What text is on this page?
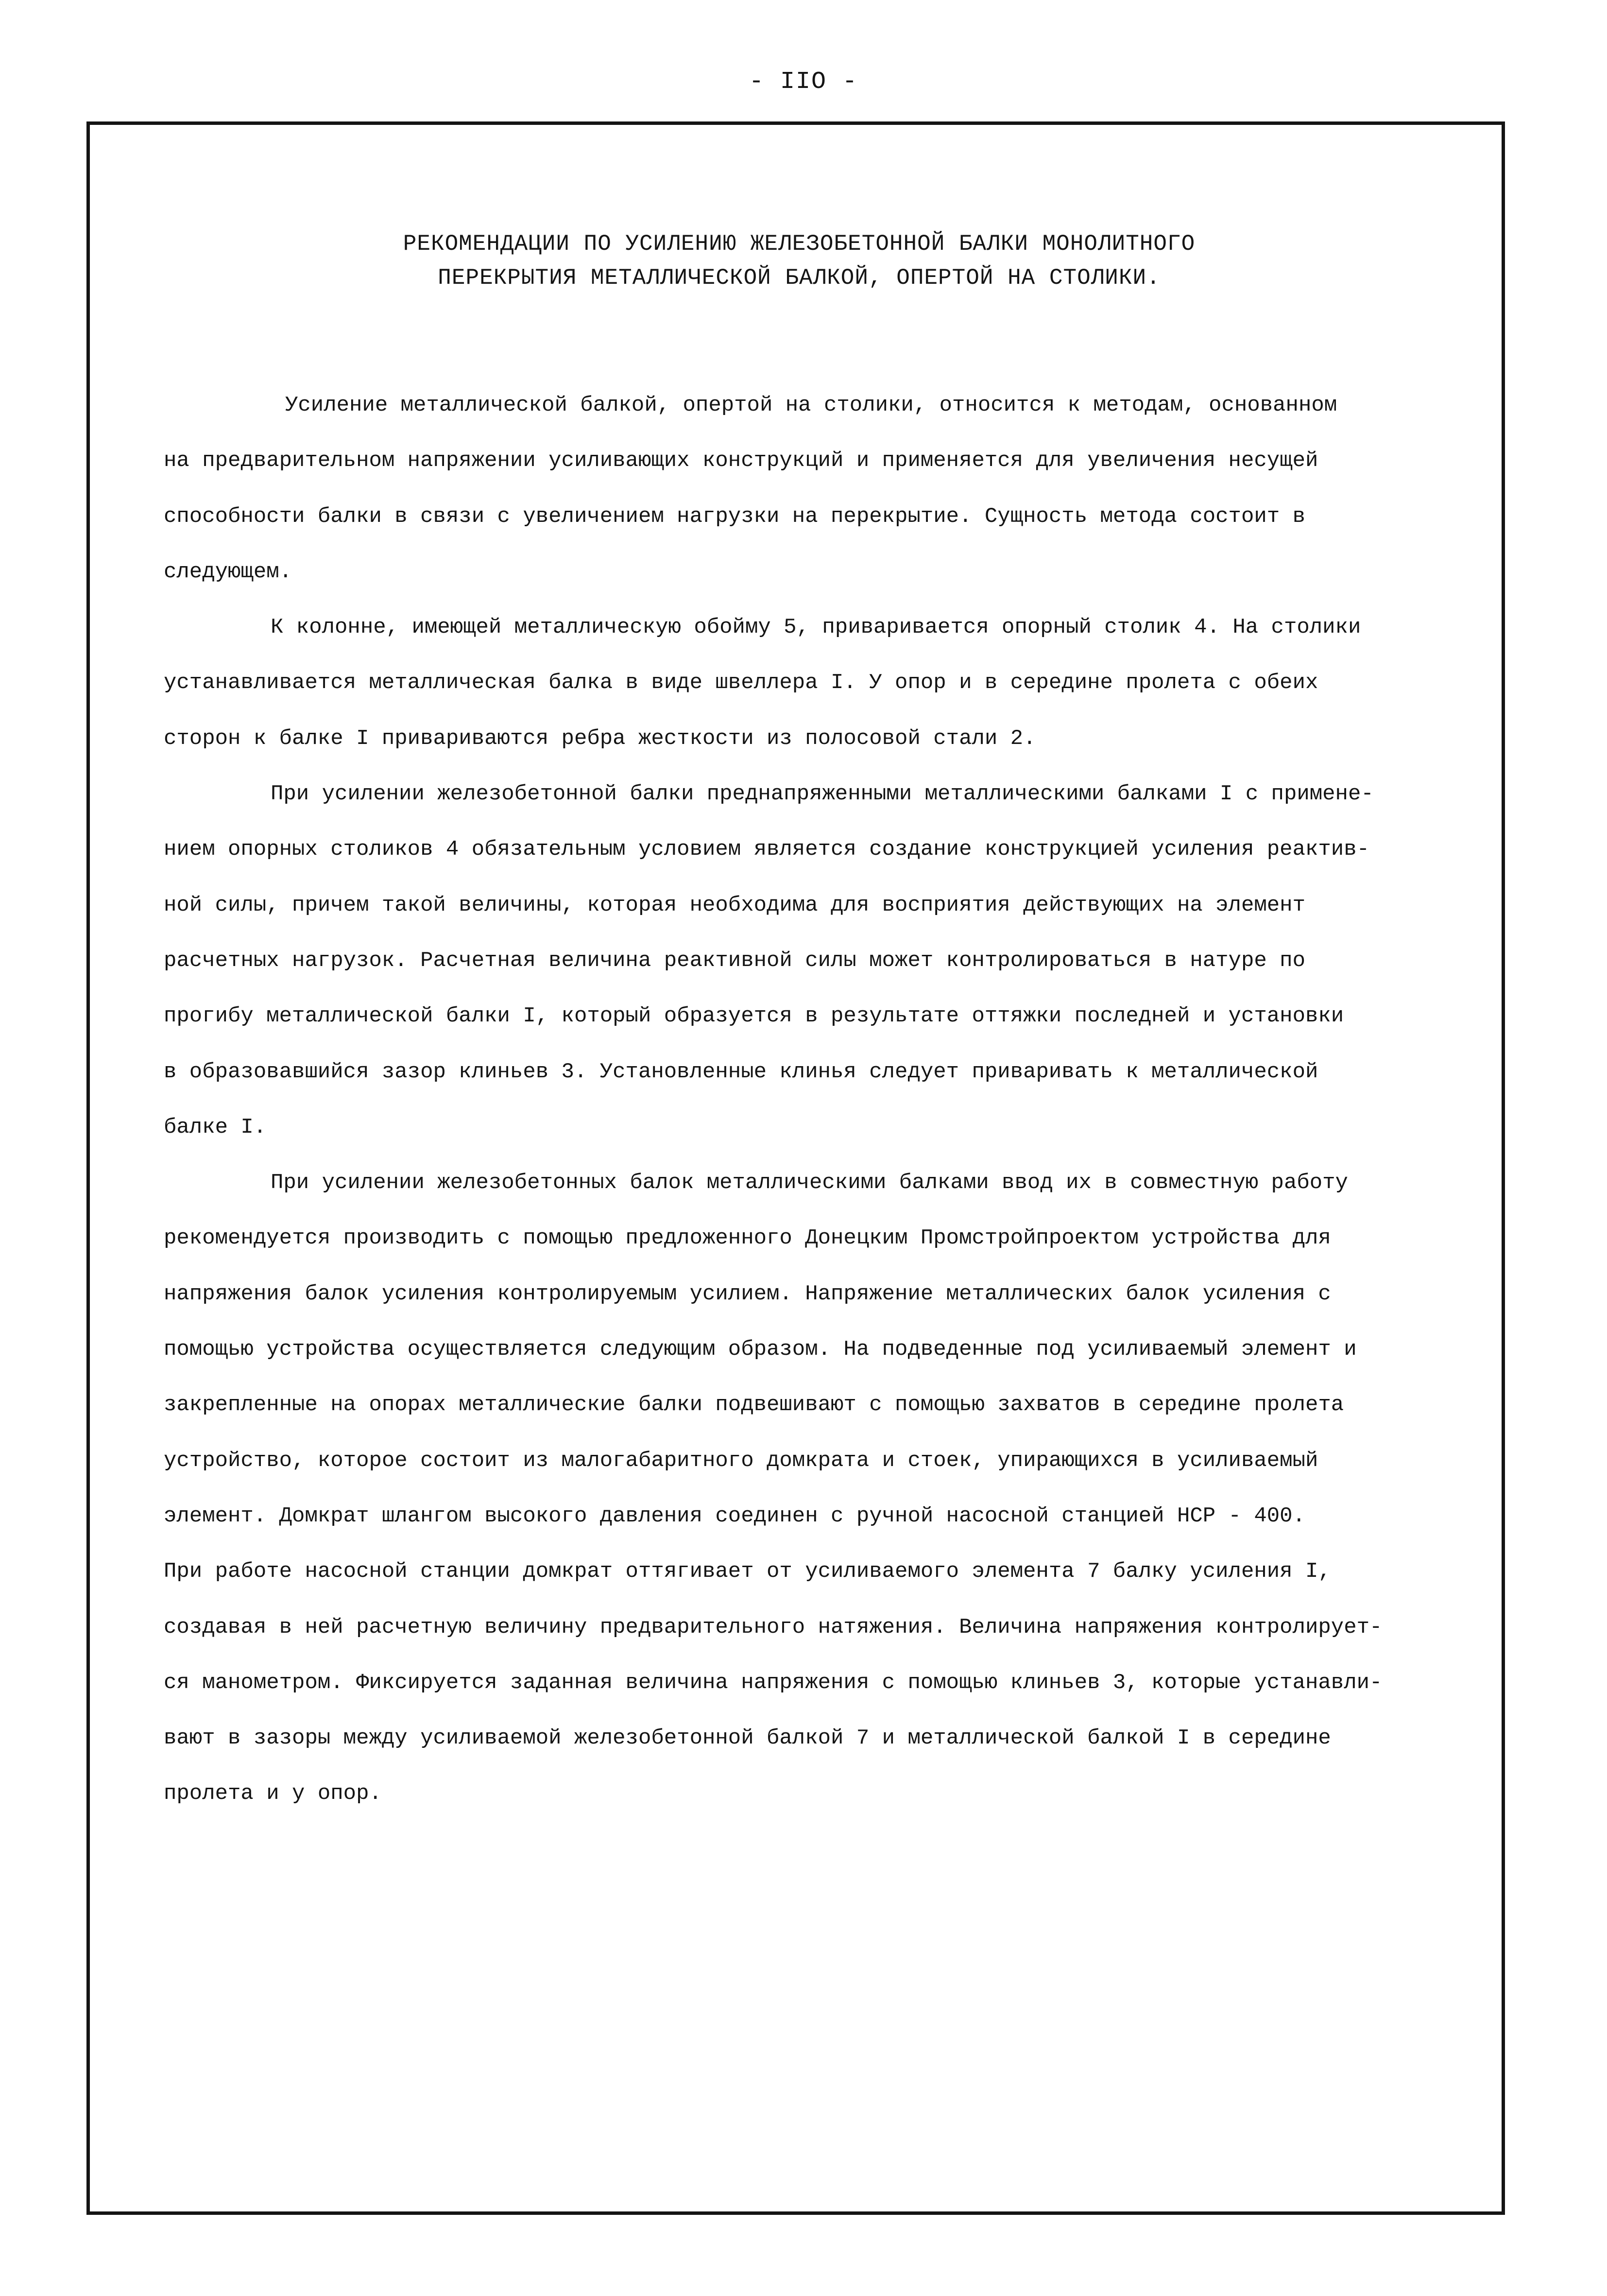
- IIO -
РЕКОМЕНДАЦИИ ПО УСИЛЕНИЮ ЖЕЛЕЗОБЕТОННОЙ БАЛКИ МОНОЛИТНОГО
ПЕРЕКРЫТИЯ МЕТАЛЛИЧЕСКОЙ БАЛКОЙ, ОПЕРТОЙ НА СТОЛИКИ.
Усиление металлической балкой, опертой на столики, относится к методам, основанном
на предварительном напряжении усиливающих конструкций и применяется для увеличения несущей
способности балки в связи с увеличением нагрузки на перекрытие. Сущность метода состоит в
следующем.
К колонне, имеющей металлическую обойму 5, приваривается опорный столик 4. На столики
устанавливается металлическая балка в виде швеллера I. У опор и в середине пролета с обеих
сторон к балке I привариваются ребра жесткости из полосовой стали 2.
При усилении железобетонной балки преднапряженными металлическими балками I с примене-
нием опорных столиков 4 обязательным условием является создание конструкцией усиления реактив-
ной силы, причем такой величины, которая необходима для восприятия действующих на элемент
расчетных нагрузок. Расчетная величина реактивной силы может контролироваться в натуре по
прогибу металлической балки I, который образуется в результате оттяжки последней и установки
в образовавшийся зазор клиньев 3. Установленные клинья следует приваривать к металлической
балке I.
При усилении железобетонных балок металлическими балками ввод их в совместную работу
рекомендуется производить с помощью предложенного Донецким Промстройпроектом устройства для
напряжения балок усиления контролируемым усилием. Напряжение металлических балок усиления с
помощью устройства осуществляется следующим образом. На подведенные под усиливаемый элемент и
закрепленные на опорах металлические балки подвешивают с помощью захватов в середине пролета
устройство, которое состоит из малогабаритного домкрата и стоек, упирающихся в усиливаемый
элемент. Домкрат шлангом высокого давления соединен с ручной насосной станцией НСР - 400.
При работе насосной станции домкрат оттягивает от усиливаемого элемента 7 балку усиления I,
создавая в ней расчетную величину предварительного натяжения. Величина напряжения контролирует-
ся манометром. Фиксируется заданная величина напряжения с помощью клиньев 3, которые устанавли-
вают в зазоры между усиливаемой железобетонной балкой 7 и металлической балкой I в середине
пролета и у опор.
